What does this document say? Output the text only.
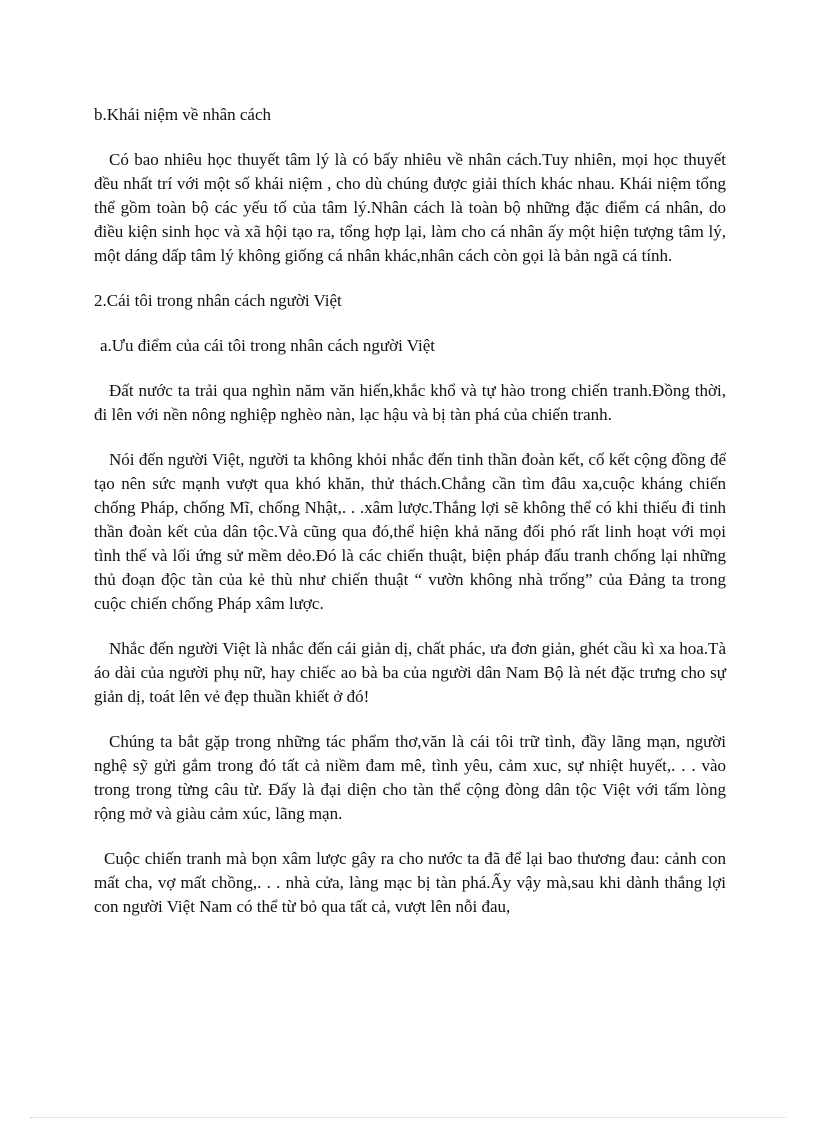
b.Khái niệm về nhân cách

Có bao nhiêu học thuyết tâm lý là có bấy nhiêu về nhân cách.Tuy nhiên, mọi học thuyết đều nhất trí với một số khái niệm , cho dù chúng được giải thích khác nhau. Khái niệm tổng thể gồm toàn bộ các yếu tố của tâm lý.Nhân cách là toàn bộ những đặc điểm cá nhân, do điều kiện sinh học và xã hội tạo ra, tổng hợp lại, làm cho cá nhân ấy một hiện tượng tâm lý, một dáng dấp tâm lý không giống cá nhân khác,nhân cách còn gọi là bản ngã cá tính.

2.Cái tôi trong nhân cách người Việt

a.Ưu điểm của cái tôi trong nhân cách người Việt

Đất nước ta trải qua nghìn năm văn hiến,khắc khổ và tự hào trong chiến tranh.Đồng thời, đi lên với nền nông nghiệp nghèo nàn, lạc hậu và bị tàn phá của chiến tranh.

Nói đến người Việt, người ta không khỏi nhắc đến tinh thần đoàn kết, cố kết cộng đồng để tạo nên sức mạnh vượt qua khó khăn, thử thách.Chẳng cần tìm đâu xa,cuộc kháng chiến chống Pháp, chống Mĩ, chống Nhật,. . .xâm lược.Thắng lợi sẽ không thể có khi thiếu đi tinh thần đoàn kết của dân tộc.Và cũng qua đó,thể hiện khả năng đối phó rất linh hoạt với mọi tình thế và lối ứng sử mềm dẻo.Đó là các chiến thuật, biện pháp đấu tranh chống lại những thủ đoạn độc tàn của kẻ thù như chiến thuật “ vườn không nhà trống” của Đảng ta trong cuộc chiến chống Pháp xâm lược.

Nhắc đến người Việt là nhắc đến cái giản dị, chất phác, ưa đơn giản, ghét cầu kì xa hoa.Tà áo dài của người phụ nữ, hay chiếc ao bà ba của người dân Nam Bộ là nét đặc trưng cho sự giản dị, toát lên vẻ đẹp thuần khiết ở đó!

Chúng ta bắt gặp trong những tác phẩm thơ,văn là cái tôi trữ tình, đầy lãng mạn, người nghệ sỹ gửi gắm trong đó tất cả niềm đam mê, tình yêu, cảm xuc, sự nhiệt huyết,. . . vào trong trong từng câu từ. Đấy là đại diện cho tàn thể cộng đòng dân tộc Việt với tấm lòng rộng mở và giàu cảm xúc, lãng mạn.

Cuộc chiến tranh mà bọn xâm lược gây ra cho nước ta đã để lại bao thương đau: cảnh con mất cha, vợ mất chồng,. . . nhà cửa, làng mạc bị tàn phá.Ấy vậy mà,sau khi dành thắng lợi con người Việt Nam có thể từ bỏ qua tất cả, vượt lên nỗi đau,
